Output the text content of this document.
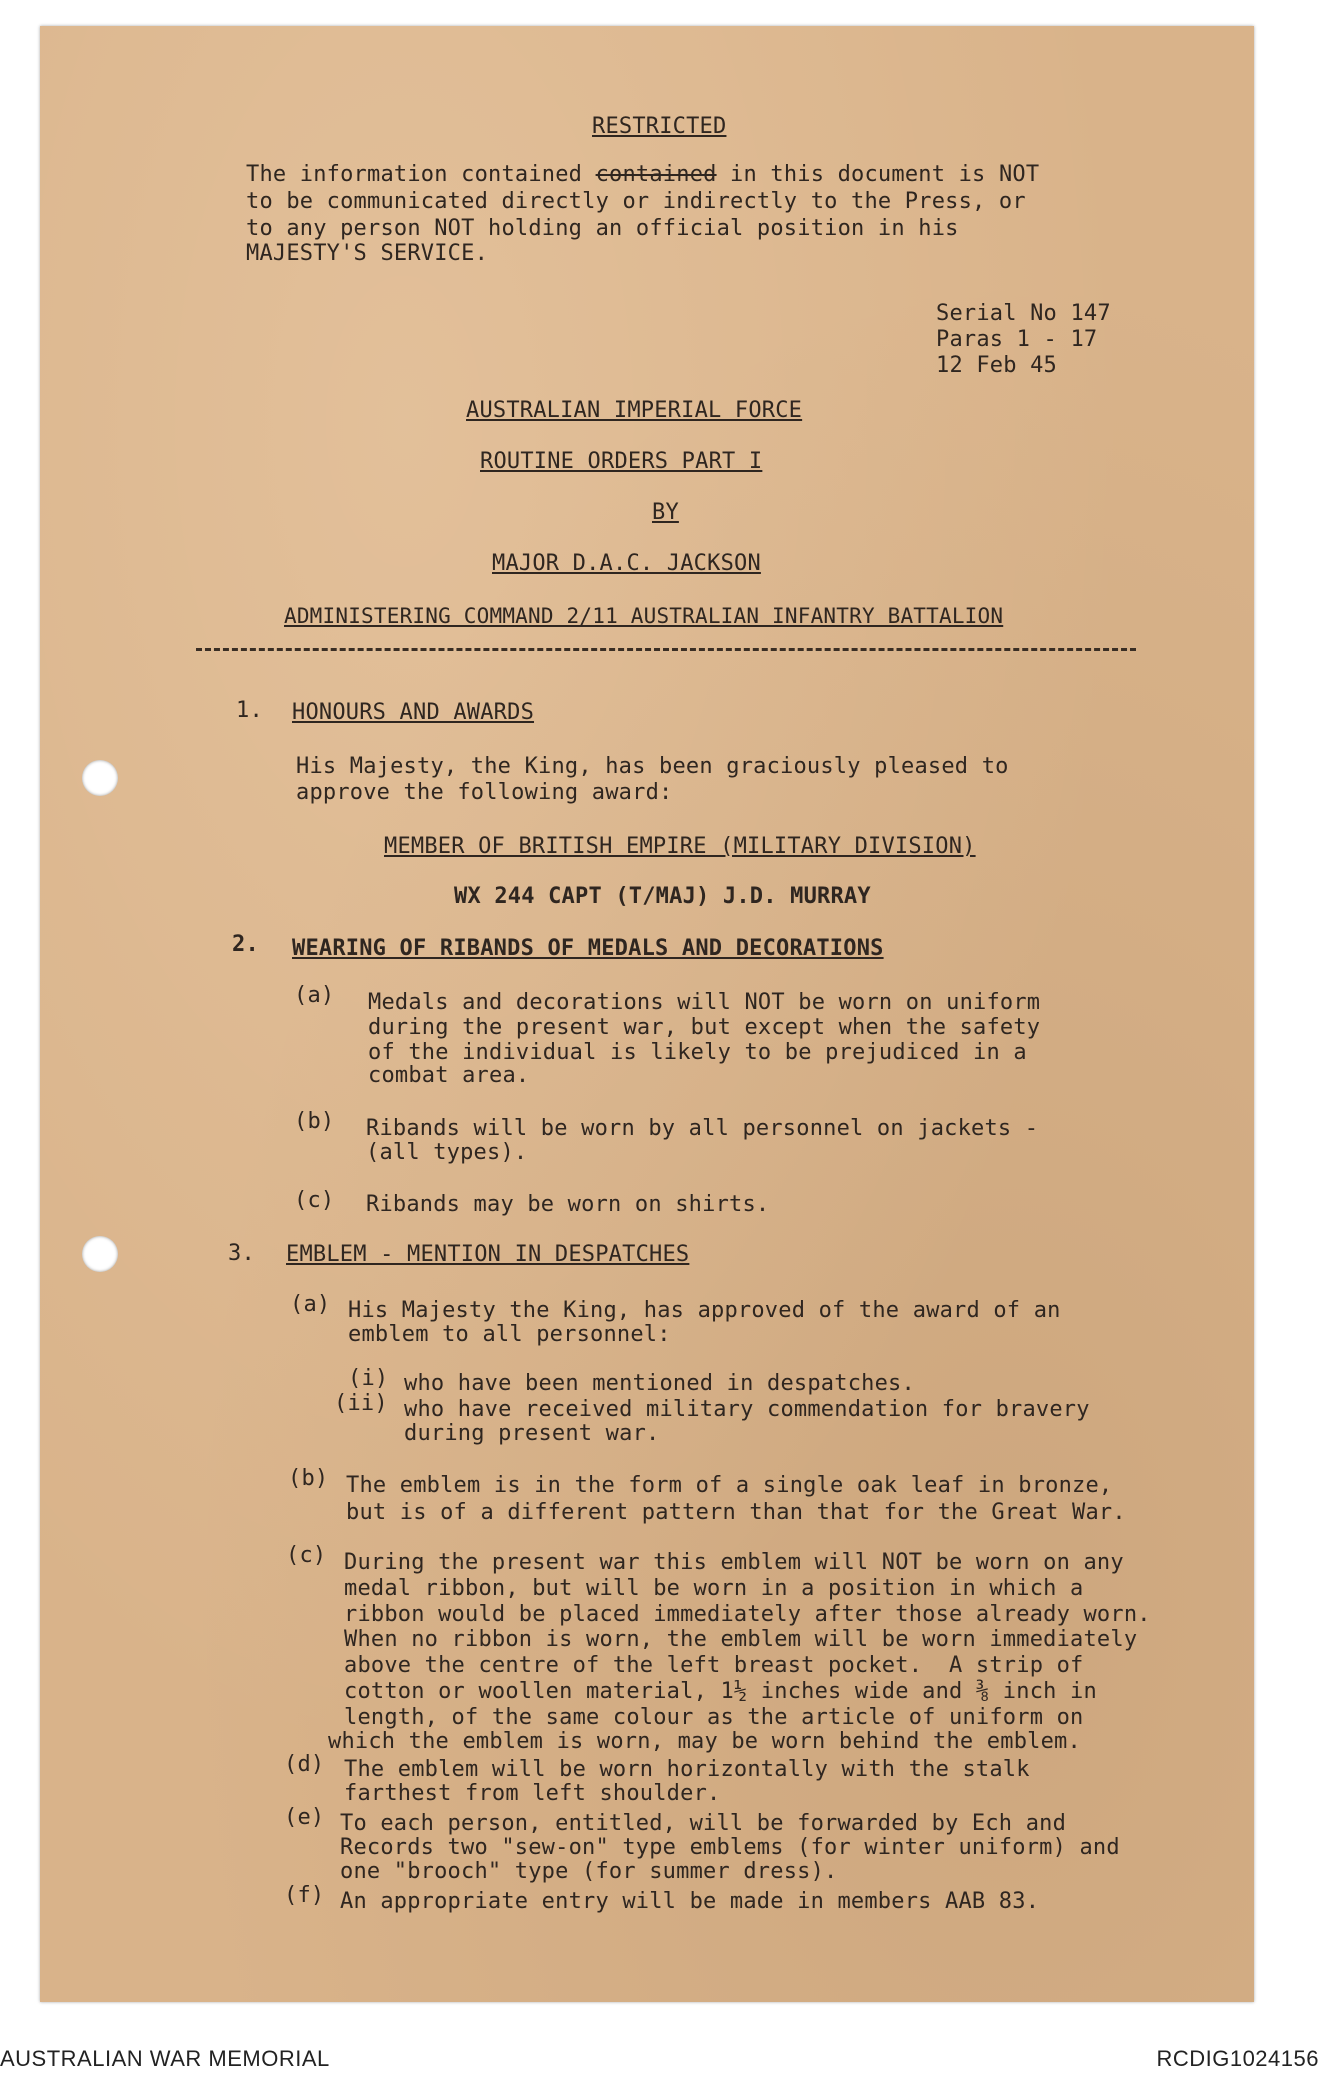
RESTRICTED
The information contained contained in this document is NOT
to be communicated directly or indirectly to the Press, or
to any person NOT holding an official position in his
MAJESTY'S SERVICE.
Serial No 147
Paras 1 - 17
12 Feb 45
AUSTRALIAN IMPERIAL FORCE
ROUTINE ORDERS PART I
BY
MAJOR D.A.C. JACKSON
ADMINISTERING COMMAND 2/11 AUSTRALIAN INFANTRY BATTALION
1. HONOURS AND AWARDS
His Majesty, the King, has been graciously pleased to
approve the following award:
MEMBER OF BRITISH EMPIRE (MILITARY DIVISION)
WX 244 CAPT (T/MAJ) J.D. MURRAY
2. WEARING OF RIBANDS OF MEDALS AND DECORATIONS
(a) Medals and decorations will NOT be worn on uniform
during the present war, but except when the safety
of the individual is likely to be prejudiced in a
combat area.
(b) Ribands will be worn by all personnel on jackets -
(all types).
(c) Ribands may be worn on shirts.
3. EMBLEM - MENTION IN DESPATCHES
(a) His Majesty the King, has approved of the award of an
emblem to all personnel:
(i) who have been mentioned in despatches.
(ii) who have received military commendation for bravery
during present war.
(b) The emblem is in the form of a single oak leaf in bronze,
but is of a different pattern than that for the Great War.
(c) During the present war this emblem will NOT be worn on any
medal ribbon, but will be worn in a position in which a
ribbon would be placed immediately after those already worn.
When no ribbon is worn, the emblem will be worn immediately
above the centre of the left breast pocket.  A strip of
cotton or woollen material, 1½ inches wide and ⅜ inch in
length, of the same colour as the article of uniform on
which the emblem is worn, may be worn behind the emblem.
(d) The emblem will be worn horizontally with the stalk
farthest from left shoulder.
(e) To each person, entitled, will be forwarded by Ech and
Records two "sew-on" type emblems (for winter uniform) and
one "brooch" type (for summer dress).
(f) An appropriate entry will be made in members AAB 83.
AUSTRALIAN WAR MEMORIAL	RCDIG1024156
